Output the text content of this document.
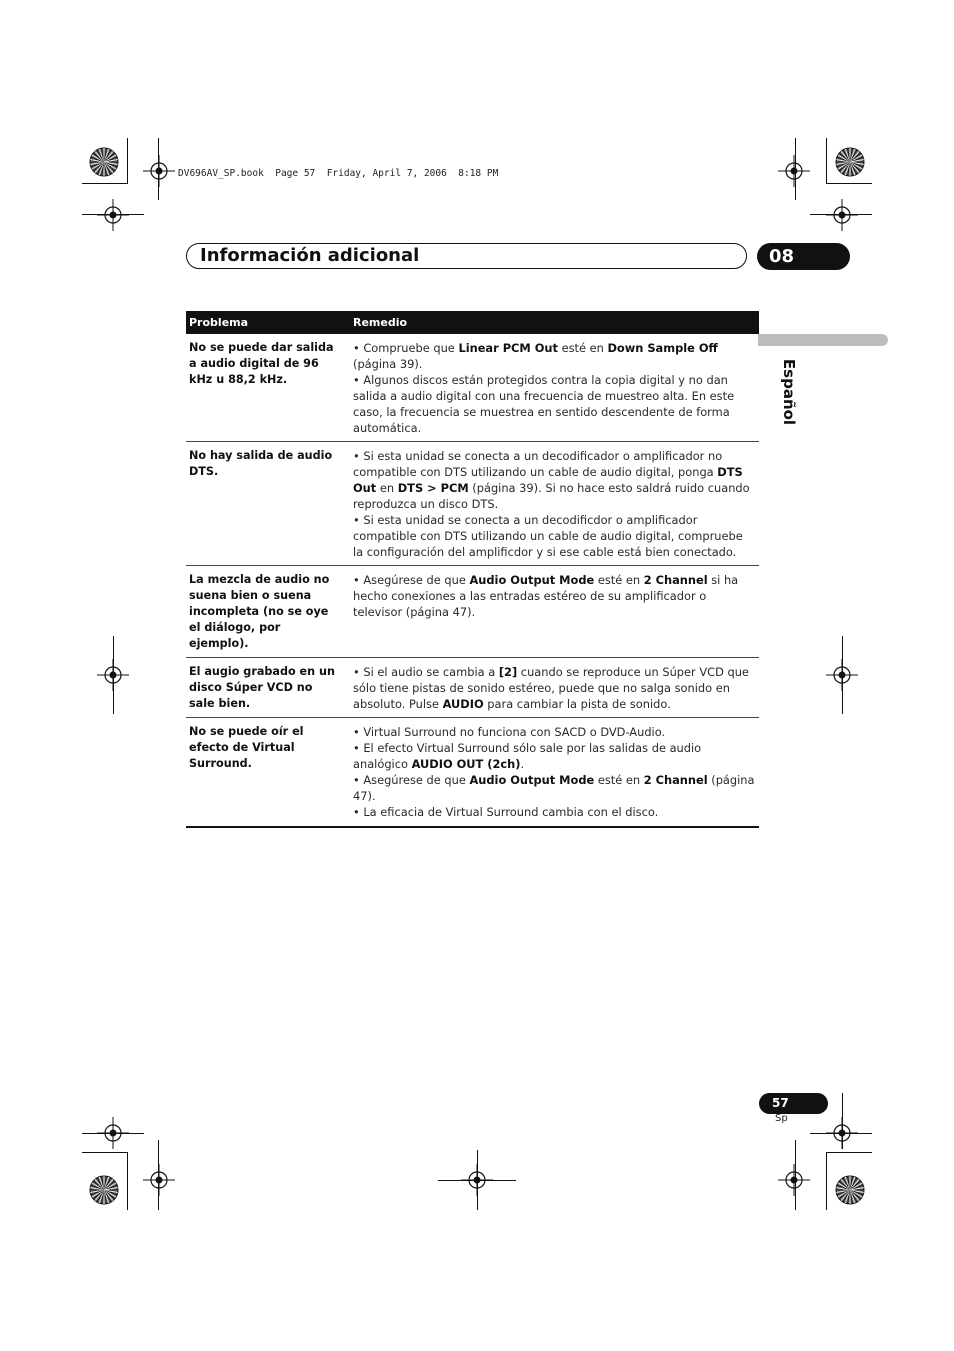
DV696AV_SP.book  Page 57  Friday, April 7, 2006  8:18 PM
Información adicional	08
Español
Problema	Remedio
No se puede dar salida a audio digital de 96 kHz u 88,2 kHz.	• Compruebe que Linear PCM Out esté en Down Sample Off (página 39).
• Algunos discos están protegidos contra la copia digital y no dan salida a audio digital con una frecuencia de muestreo alta. En este caso, la frecuencia se muestrea en sentido descendente de forma automática.

No hay salida de audio DTS.	• Si esta unidad se conecta a un decodificador o amplificador no compatible con DTS utilizando un cable de audio digital, ponga DTS Out en DTS > PCM (página 39). Si no hace esto saldrá ruido cuando reproduzca un disco DTS.
• Si esta unidad se conecta a un decodificdor o amplificador compatible con DTS utilizando un cable de audio digital, compruebe la configuración del amplificdor y si ese cable está bien conectado.

La mezcla de audio no suena bien o suena incompleta (no se oye el diálogo, por ejemplo).	• Asegúrese de que Audio Output Mode esté en 2 Channel si ha hecho conexiones a las entradas estéreo de su amplificador o televisor (página 47).

El augio grabado en un disco Súper VCD no sale bien.	• Si el audio se cambia a [2] cuando se reproduce un Súper VCD que sólo tiene pistas de sonido estéreo, puede que no salga sonido en absoluto. Pulse AUDIO para cambiar la pista de sonido.

No se puede oír el efecto de Virtual Surround.	• Virtual Surround no funciona con SACD o DVD-Audio.
• El efecto Virtual Surround sólo sale por las salidas de audio analógico AUDIO OUT (2ch).
• Asegúrese de que Audio Output Mode esté en 2 Channel (página 47).
• La eficacia de Virtual Surround cambia con el disco.
57
Sp
